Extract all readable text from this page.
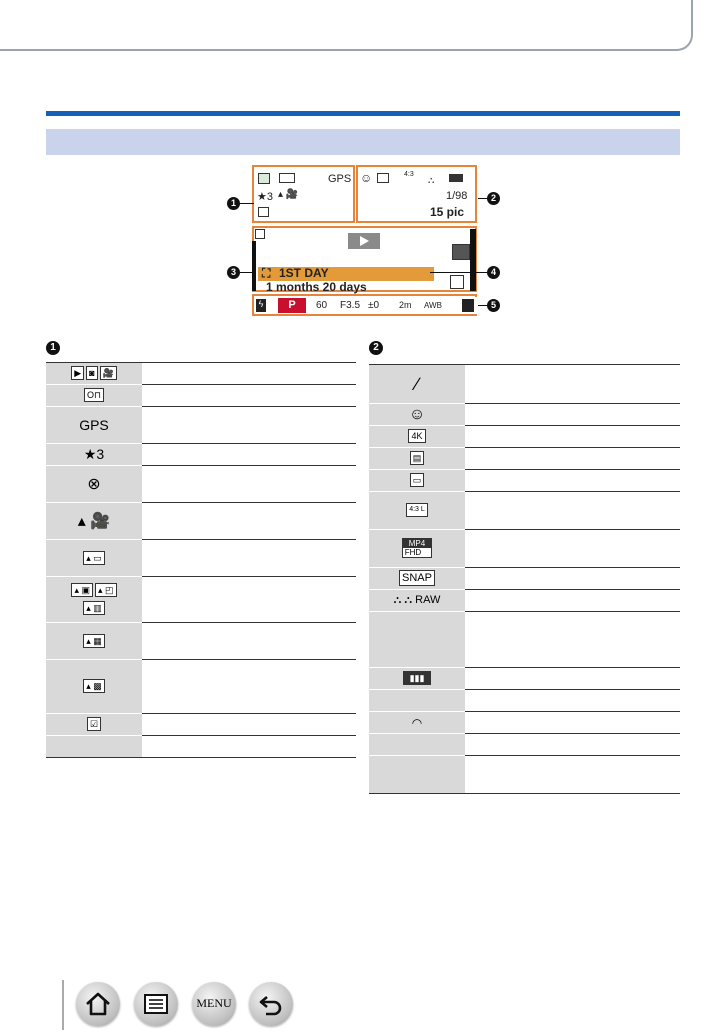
GPS
★3 ▴ 🎥
☺	4:3
⛬
1/98
15 pic
⛶ 1ST DAY
1 months 20 days
ϟ	P	60 F3.5 ±0 2m AWB
1	2
3	4
5
1
▶ ◙ 🎥	
O⊓	
GPS	
★3	
⊗	
▴ 🎥	
▴ ▭	
▴ ▣ ▴ ◰
▴ ▥	
▴ ▦	
▴ ▩	
☑	

2
∕	
☺	
4K	
▤	
▭	
4:3 L	

MP4
FHD	

SNAP	
⛬ ⛬ RAW	

▮▮▮	

◠	

MENU
